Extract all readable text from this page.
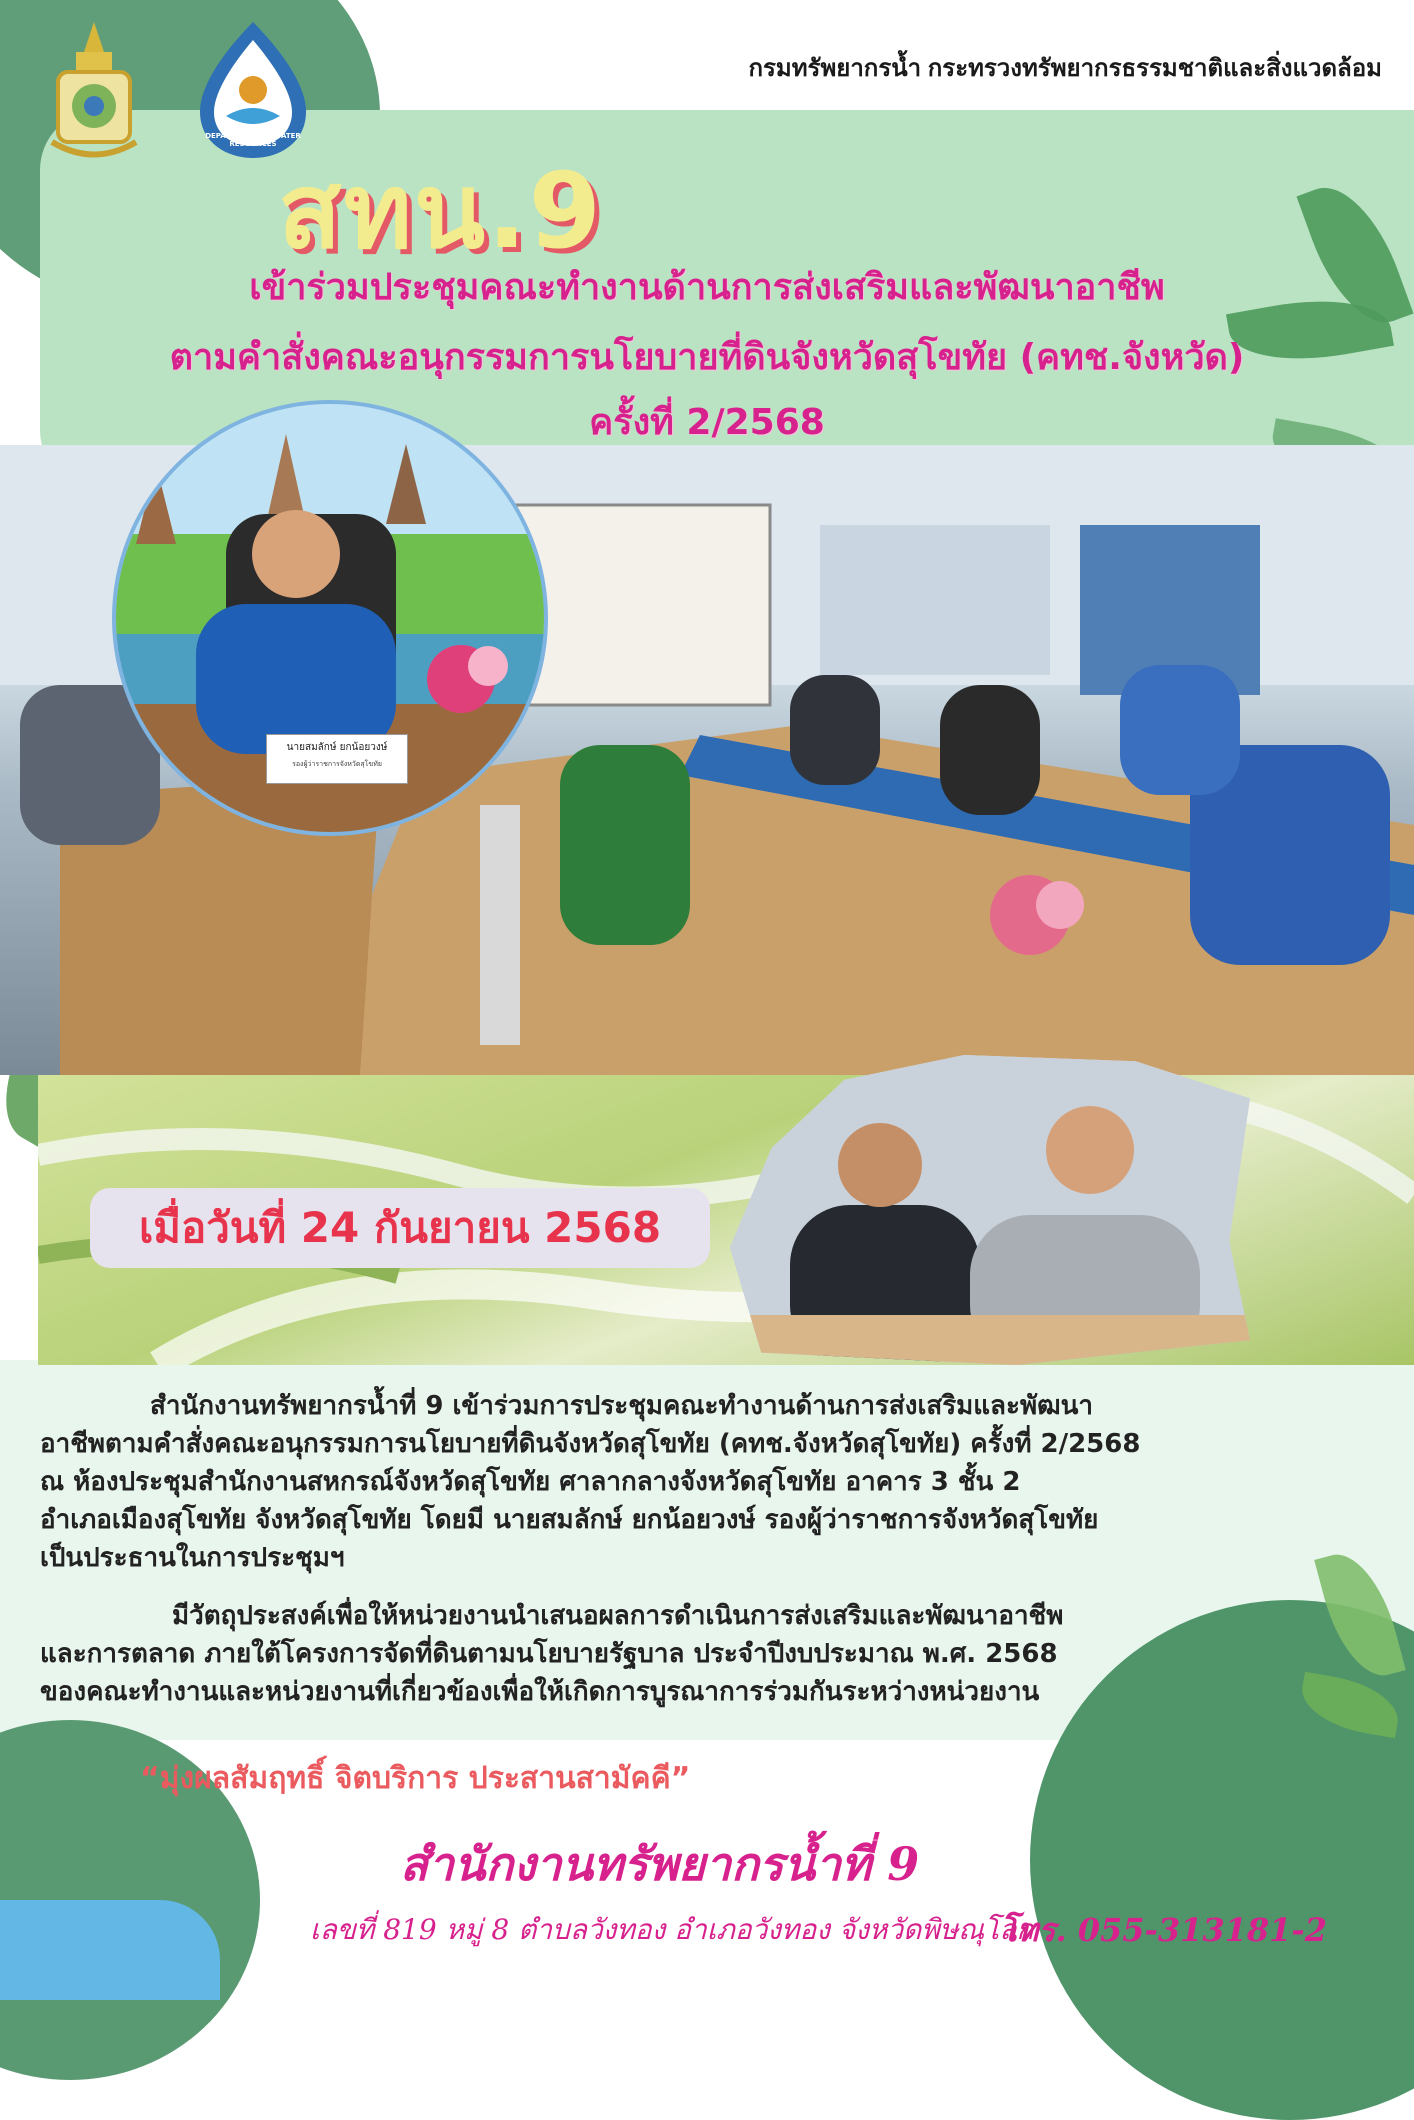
DEPARTMENT OF WATER RESOURCES
กรมทรัพยากรน้ำ กระทรวงทรัพยากรธรรมชาติและสิ่งแวดล้อม
สทน.9
เข้าร่วมประชุมคณะทำงานด้านการส่งเสริมและพัฒนาอาชีพ
ตามคำสั่งคณะอนุกรรมการนโยบายที่ดินจังหวัดสุโขทัย (คทช.จังหวัด)
ครั้งที่ 2/2568
นายสมลักษ์ ยกน้อยวงษ์
รองผู้ว่าราชการจังหวัดสุโขทัย
เมื่อวันที่ 24 กันยายน 2568
สำนักงานทรัพยากรน้ำที่ 9 เข้าร่วมการประชุมคณะทำงานด้านการส่งเสริมและพัฒนา
อาชีพตามคำสั่งคณะอนุกรรมการนโยบายที่ดินจังหวัดสุโขทัย (คทช.จังหวัดสุโขทัย) ครั้งที่ 2/2568
ณ ห้องประชุมสำนักงานสหกรณ์จังหวัดสุโขทัย ศาลากลางจังหวัดสุโขทัย อาคาร 3 ชั้น 2
อำเภอเมืองสุโขทัย จังหวัดสุโขทัย โดยมี นายสมลักษ์ ยกน้อยวงษ์ รองผู้ว่าราชการจังหวัดสุโขทัย
เป็นประธานในการประชุมฯ
มีวัตถุประสงค์เพื่อให้หน่วยงานนำเสนอผลการดำเนินการส่งเสริมและพัฒนาอาชีพ
และการตลาด ภายใต้โครงการจัดที่ดินตามนโยบายรัฐบาล ประจำปีงบประมาณ พ.ศ. 2568
ของคณะทำงานและหน่วยงานที่เกี่ยวข้องเพื่อให้เกิดการบูรณาการร่วมกันระหว่างหน่วยงาน
“มุ่งผลสัมฤทธิ์ จิตบริการ ประสานสามัคคี”
สำนักงานทรัพยากรน้ำที่ 9
เลขที่ 819 หมู่ 8 ตำบลวังทอง อำเภอวังทอง จังหวัดพิษณุโลก
โทร. 055-313181-2
